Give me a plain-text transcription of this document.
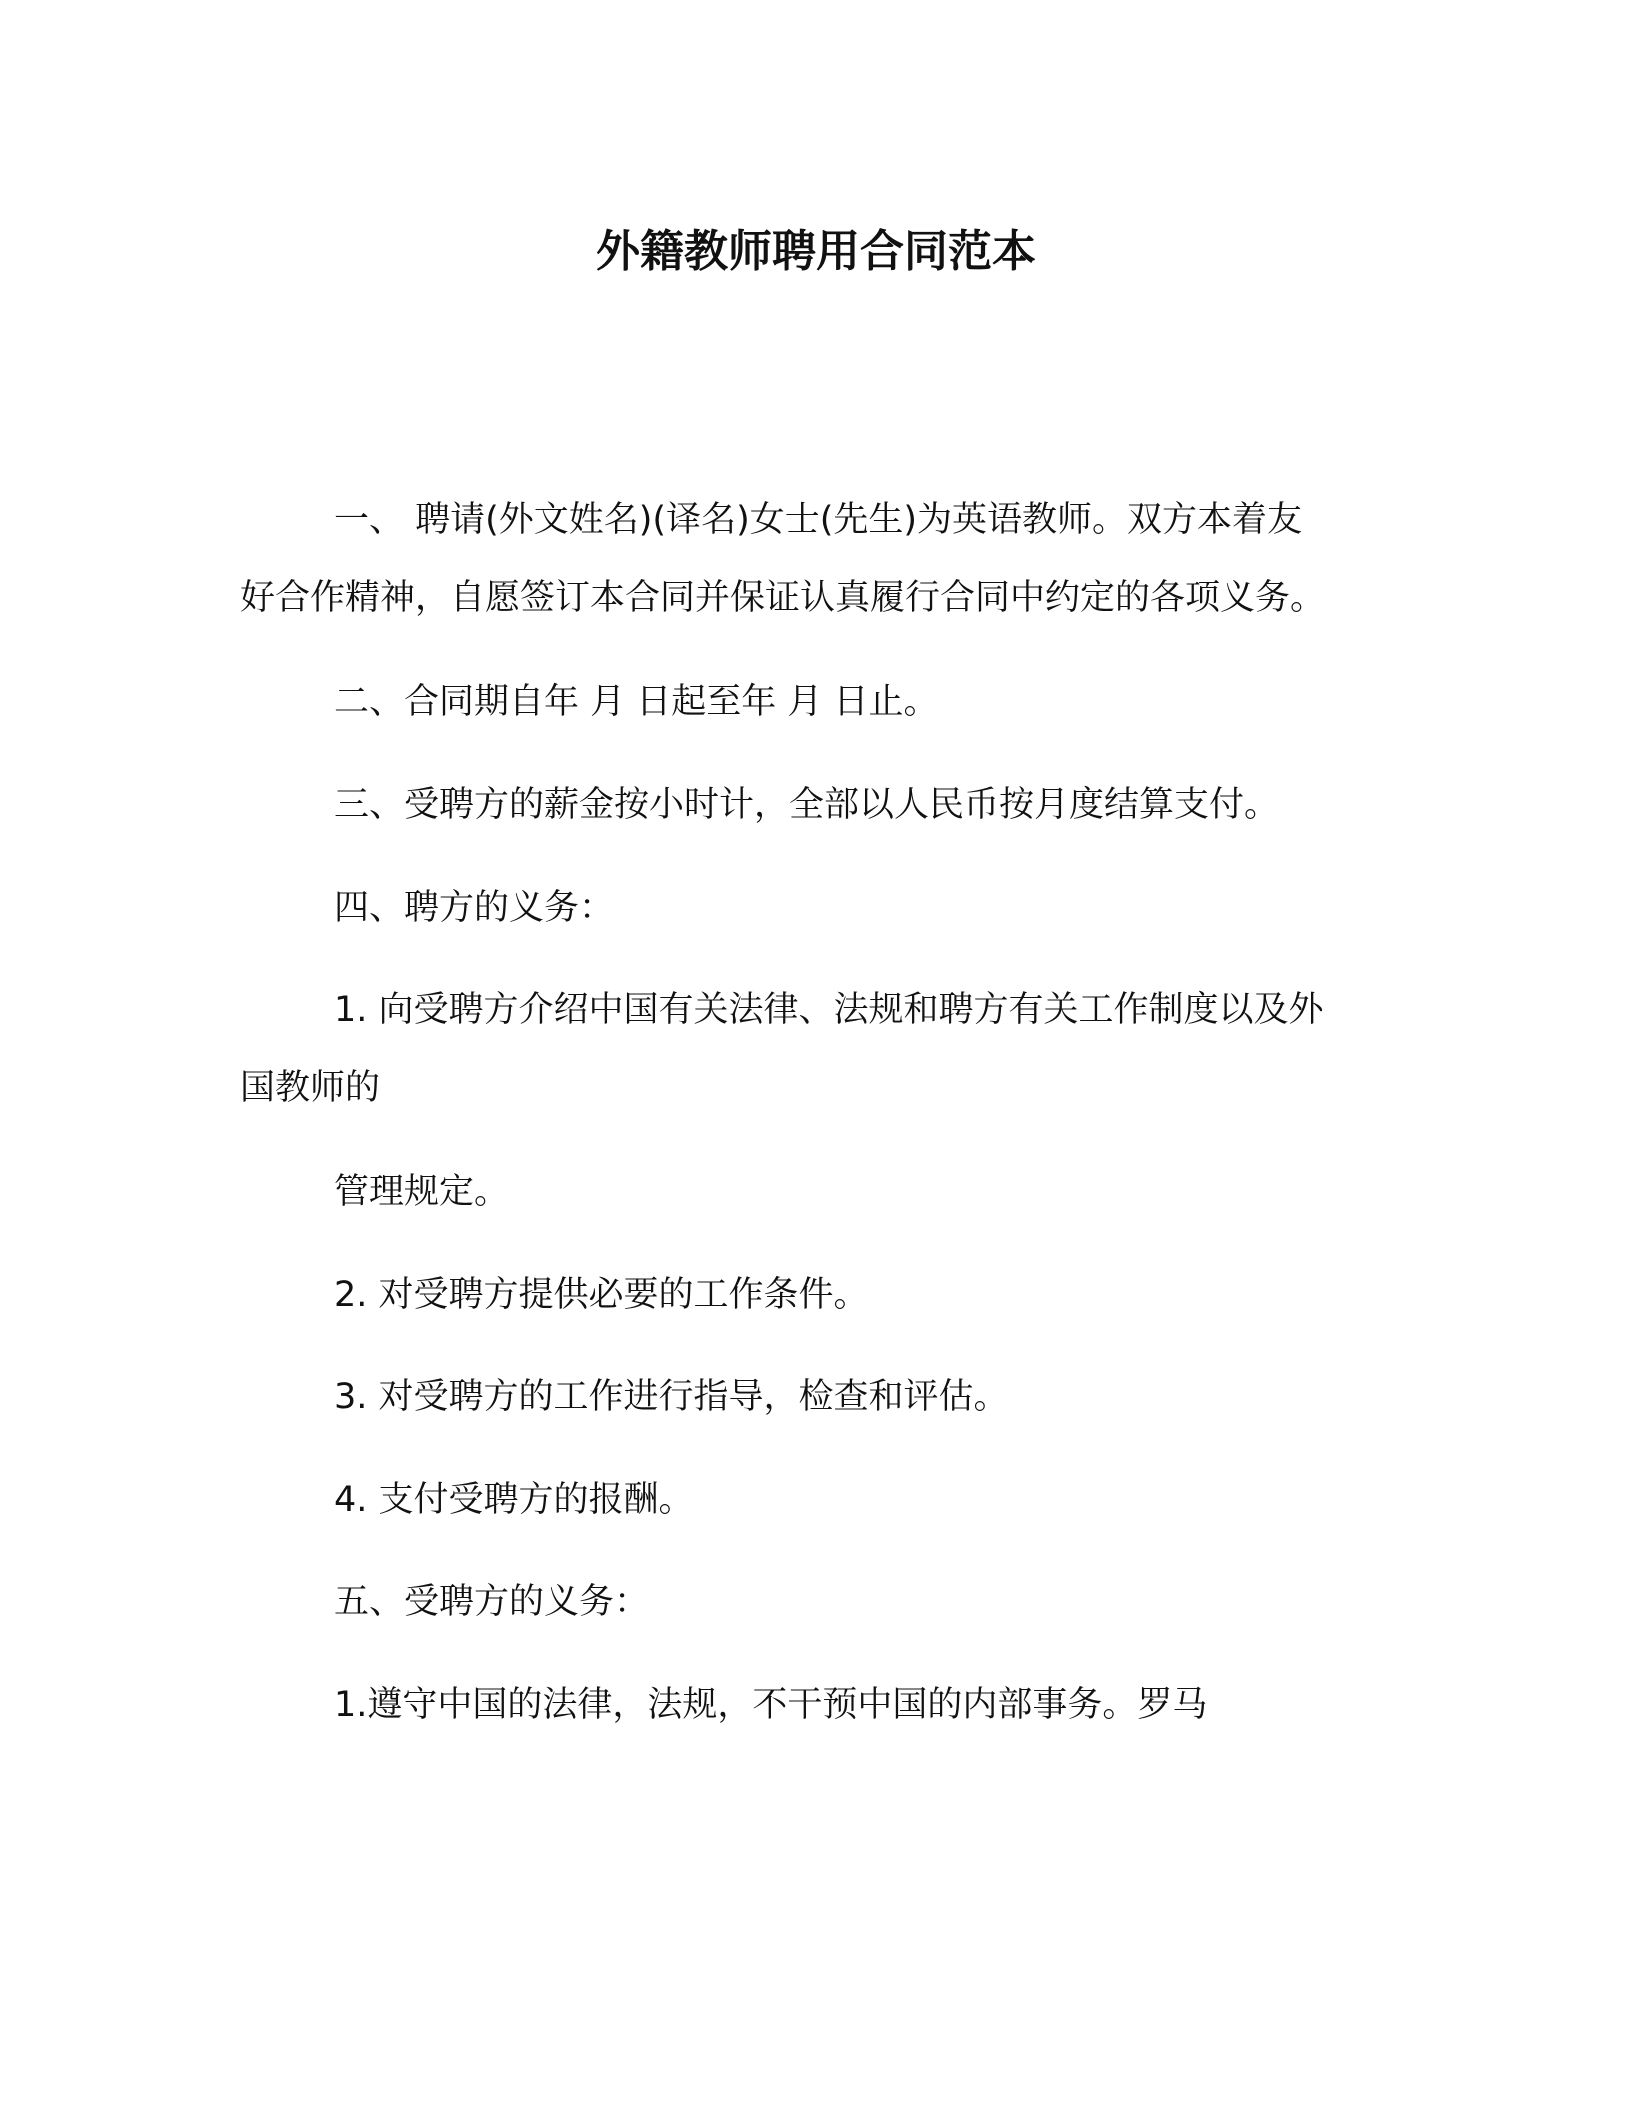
外籍教师聘用合同范本
一、 聘请(外文姓名)(译名)女士(先生)为英语教师。双方本着友
好合作精神，自愿签订本合同并保证认真履行合同中约定的各项义务。
二、合同期自年 月 日起至年 月 日止。
三、受聘方的薪金按小时计，全部以人民币按月度结算支付。
四、聘方的义务：
1. 向受聘方介绍中国有关法律、法规和聘方有关工作制度以及外
国教师的
管理规定。
2. 对受聘方提供必要的工作条件。
3. 对受聘方的工作进行指导，检查和评估。
4. 支付受聘方的报酬。
五、受聘方的义务：
1.遵守中国的法律，法规，不干预中国的内部事务。罗马
